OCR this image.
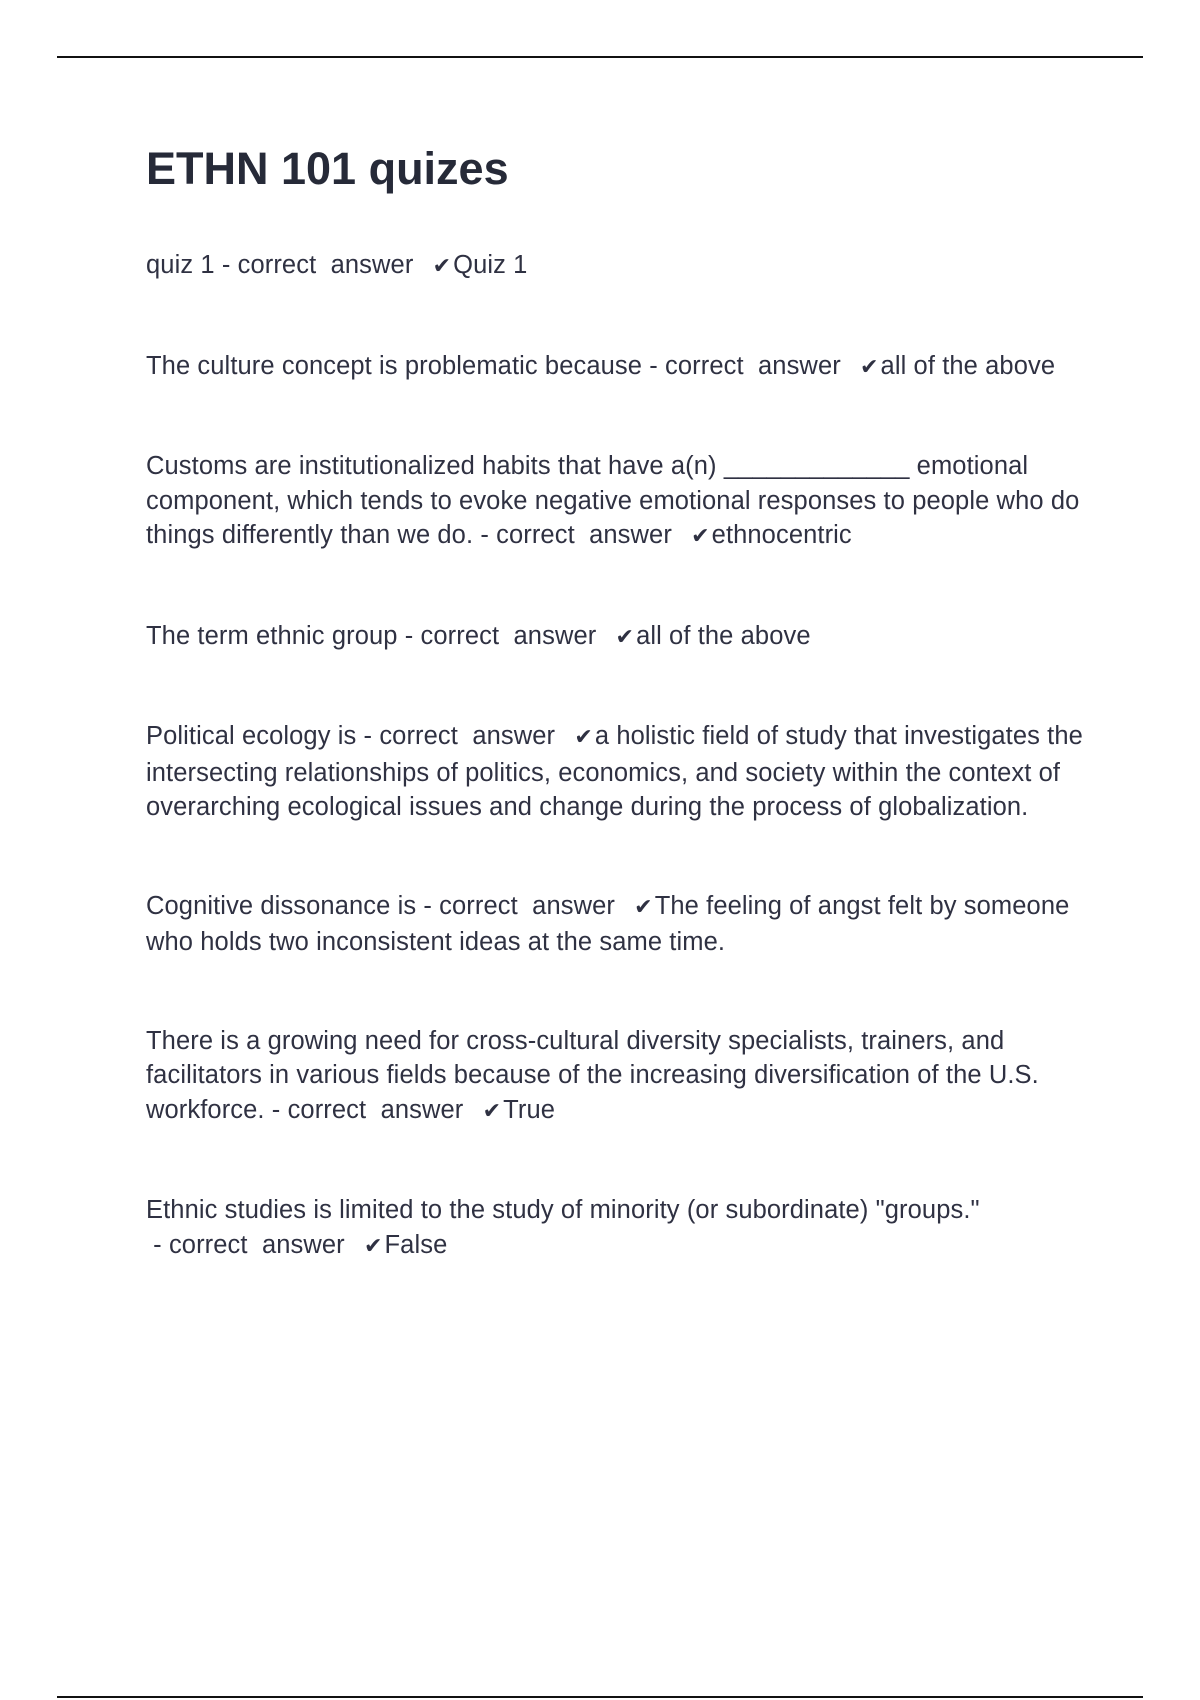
ETHN 101 quizes

quiz 1 - correct  answer ✔Quiz 1

The culture concept is problematic because - correct  answer ✔all of the above

Customs are institutionalized habits that have a(n) _____________ emotional component, which tends to evoke negative emotional responses to people who do things differently than we do. - correct  answer ✔ethnocentric

The term ethnic group - correct  answer ✔all of the above

Political ecology is - correct  answer ✔a holistic field of study that investigates the intersecting relationships of politics, economics, and society within the context of overarching ecological issues and change during the process of globalization.

Cognitive dissonance is - correct  answer ✔The feeling of angst felt by someone who holds two inconsistent ideas at the same time.

There is a growing need for cross-cultural diversity specialists, trainers, and facilitators in various fields because of the increasing diversification of the U.S. workforce. - correct  answer ✔True

Ethnic studies is limited to the study of minority (or subordinate) "groups." - correct  answer ✔False
